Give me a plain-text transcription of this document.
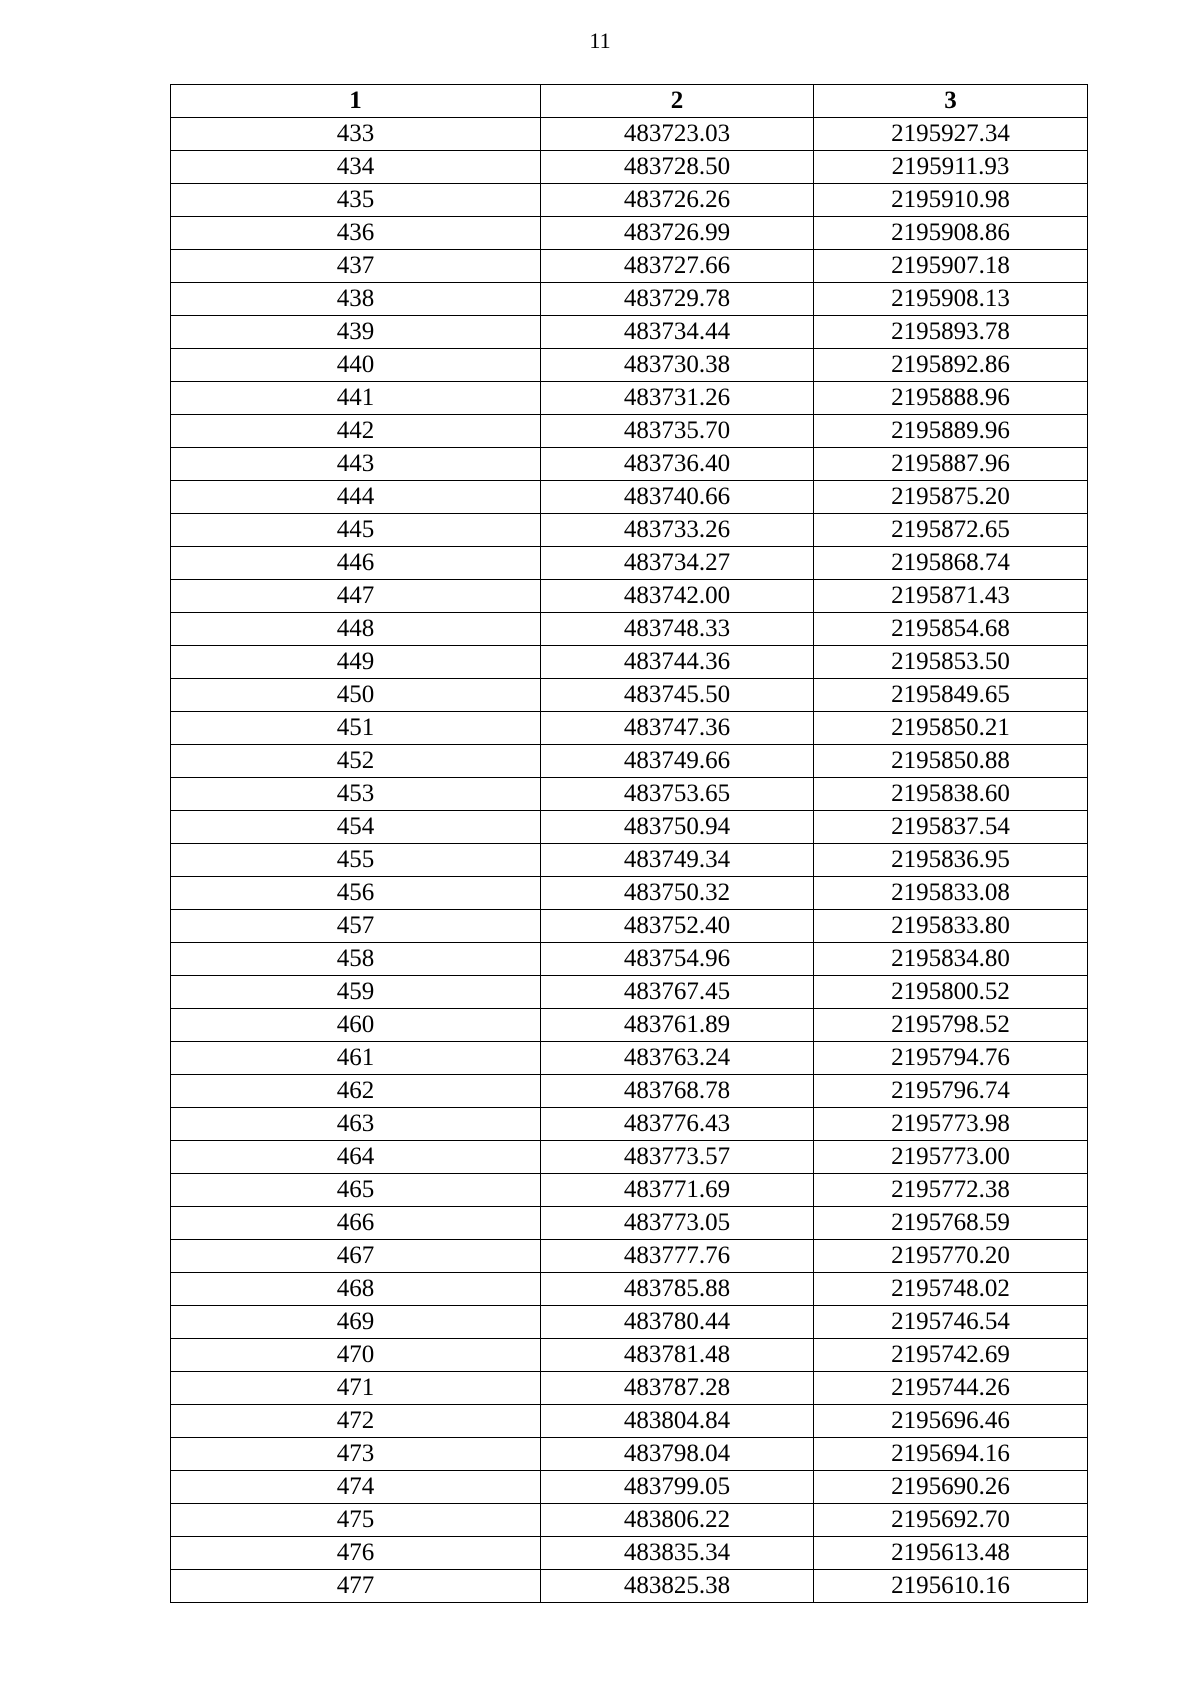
11
1	2	3
433	483723.03	2195927.34
434	483728.50	2195911.93
435	483726.26	2195910.98
436	483726.99	2195908.86
437	483727.66	2195907.18
438	483729.78	2195908.13
439	483734.44	2195893.78
440	483730.38	2195892.86
441	483731.26	2195888.96
442	483735.70	2195889.96
443	483736.40	2195887.96
444	483740.66	2195875.20
445	483733.26	2195872.65
446	483734.27	2195868.74
447	483742.00	2195871.43
448	483748.33	2195854.68
449	483744.36	2195853.50
450	483745.50	2195849.65
451	483747.36	2195850.21
452	483749.66	2195850.88
453	483753.65	2195838.60
454	483750.94	2195837.54
455	483749.34	2195836.95
456	483750.32	2195833.08
457	483752.40	2195833.80
458	483754.96	2195834.80
459	483767.45	2195800.52
460	483761.89	2195798.52
461	483763.24	2195794.76
462	483768.78	2195796.74
463	483776.43	2195773.98
464	483773.57	2195773.00
465	483771.69	2195772.38
466	483773.05	2195768.59
467	483777.76	2195770.20
468	483785.88	2195748.02
469	483780.44	2195746.54
470	483781.48	2195742.69
471	483787.28	2195744.26
472	483804.84	2195696.46
473	483798.04	2195694.16
474	483799.05	2195690.26
475	483806.22	2195692.70
476	483835.34	2195613.48
477	483825.38	2195610.16
